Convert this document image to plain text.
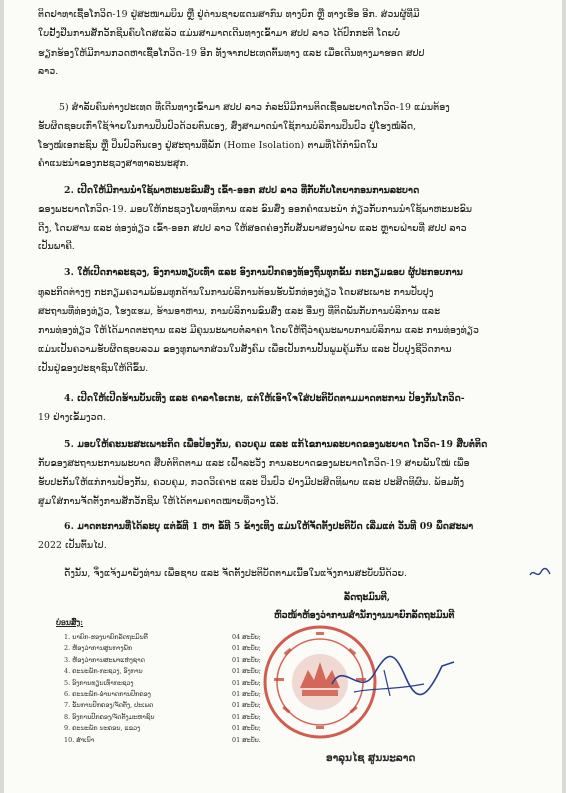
ຕິດຢາທາເຊື້ອໂກວິດ-19 ຢູ່ສະໜາມບິນ ຫຼື ຢູ່ດ່ານຊາຍແດນສາກົນ ທາງບົກ ຫຼື ທາງເຮືອ ອີກ. ສ່ວນຜູ້ທີ່ມີ
ໃບຢັ້ງຢືນການສັກວັກຊີນຄົບໂດສແລ້ວ ແມ່ນສາມາດເດີນທາງເຂົ້າມາ ສປປ ລາວ ໄດ້ປົກກະຕິ ໂດຍບໍ່
ຮຽກຮ້ອງໃຫ້ມີການກວດຫາເຊື້ອໂກວິດ-19 ອີກ ທັງຈາກປະເທດຕົ້ນທາງ ແລະ ເມື່ອເດີນທາງມາຮອດ ສປປ
ລາວ.
5) ສຳລັບຄົນຕ່າງປະເທດ ທີ່ເດີນທາງເຂົ້າມາ ສປປ ລາວ ກໍລະນີມີການຕິດເຊື້ອພະຍາດໂກວິດ-19 ແມ່ນຕ້ອງ
ຮັບຜິດຊອບເກົ່າໃຊ້ຈ່າຍໃນການປິ່ນປົວດ້ວຍຕົນເອງ, ສົ່ງສາມາດນຳໃຊ້ການບໍລິການປິ່ນປົວ ຢູ່ໂຮງໝໍລັດ,
ໂຮງໝໍເອກະຊົນ ຫຼື ປິ່ນປົວຕົນເອງ ຢູ່ສະຖານທີ່ພັກ (Home Isolation) ຕາມທີ່ໄດ້ກຳນົດໃນ
ຄຳແນະນຳຂອງກະຊວງສາທາລະນະສຸກ.
2. ເປີດໃຫ້ມີການນຳໃຊ້ພາຫະນະຂົນສົ່ງ ເຂົ້າ-ອອກ ສປປ ລາວ ທີ່ກັບກັບໂຕຍາກອນການລະບາດ
ຂອງພະຍາດໂກວິດ-19. ມອບໃຫ້ກະຊວງໂຍທາທິການ ແລະ ຂົນສົ່ງ ອອກຄຳແນະນຳ ກ່ຽວກັບການນຳໃຊ້ພາຫະນະຂົນ
ດີງ, ໂດຍສານ ແລະ ທ່ອງທ່ຽວ ເຂົ້າ-ອອກ ສປປ ລາວ ໃຫ້ສອດຄ່ອງກັບສັນຍາສອງຝ່າຍ ແລະ ຫຼາຍຝ່າຍທີ່ ສປປ ລາວ
ເປັນພາຄີ.
3. ໃຫ້ເປີດກາລະຊວງ, ອົງການທຽບເທົ່າ ແລະ ອົງການປົກຄອງທ້ອງຖິ່ນທຸກຂັ້ນ ກະກຽມຂອບ ຜູ້ປະກອບການ
ທຸລະກິດຕ່າງໆ ກະກຽມຄວາມພ້ອມທຸກດ້ານໃນການບໍລິການຕ້ອນຮັບນັກທ່ອງທ່ຽວ ໂດຍສະເພາະ ການປັບປຸງ
ສະຖານທີ່ທ່ອງທ່ຽວ, ໂຮງແຮມ, ຮ້ານອາຫານ, ການບໍລິການຂົນສົ່ງ ແລະ ອື່ນໆ ທີ່ຕິດພັນກັບການບໍລິການ ແລະ
ການທ່ອງທ່ຽວ ໃຫ້ໄດ້ມາດຕະຖານ ແລະ ມີຄຸນນະພາບຕໍ່ລາຄາ ໂດຍໃຫ້ຖືວ່າຄຸນະພາບການບໍລິການ ແລະ ການທ່ອງທ່ຽວ
ແມ່ນເປັນຄວາມຮັບຜິດຊອບລວມ ຂອງທຸກພາກສ່ວນໃນສັງຄົມ ເພື່ອເປັນການປັ້ນພູມຄຸ້ມກັນ ແລະ ປັບປຸງຊີວິດການ
ເປັນຢູ່ຂອງປະຊາຊົນໃຫ້ດີຂຶ້ນ.
4. ເປີດໃຫ້ເປີດຮ້ານບັນເທີງ ແລະ ຄາລາໂອເກະ, ແຕ່ໃຫ້ເອົາໃຈໃສ່ປະຕິບັດຕາມມາດຕະການ ປ້ອງກັນໂກວິດ-
19 ຢ່າງເຂັ້ມງວດ.
5. ມອບໃຫ້ຄະນະສະເພາະກິດ ເພື່ອປ້ອງກັນ, ຄວບຄຸມ ແລະ ແກ້ໄຂການລະບາດຂອງພະຍາດ ໂກວິດ-19 ສືບຕໍ່ຕິດ
ກັບຂອງສະຖານະການພະບາດ ສືບຕໍ່ຕິດຕາມ ແລະ ເຝົ້າລະວັງ ການລະບາດຂອງພະຍາດໂກວິດ-19 ສາຍພັນໃໝ່ ເພື່ອ
ຮັບປະກັນໃຫ້ແກ່ການປ້ອງກັນ, ຄວບຄຸມ, ກວດວິເຄາະ ແລະ ປິ່ນປົວ ຢ່າງມີປະສິດທິພາບ ແລະ ປະສິດທິຜົນ. ພ້ອມທັງ
ສູມໃສ່ການຈັດຕັ້ງການສັກວັກຊີນ ໃຫ້ໄດ້ຕາມຄາດໝາຍທີ່ວາງໄວ້.
6. ມາດຕະການທີ່ໄດ້ລະບຸ ແຕ່ຂໍ້ທີ 1 ຫາ ຂໍ້ທີ 5 ຂ້າງເທິງ ແມ່ນໃຫ້ຈັດຕັ້ງປະຕິບັດ ເລີ່ມແຕ່ ວັນທີ 09 ພຶດສະພາ
2022 ເປັນຕົ້ນໄປ.
ດັ່ງນັ້ນ, ຈຶ່ງແຈ້ງມາຍັງທ່ານ ເພື່ອຊາບ ແລະ ຈັດຕັ້ງປະຕິບັດຕາມເນື້ອໃນແຈ້ງການສະບັບນີ້ດ້ວຍ.
ລັດຖະມົນຕີ,
ຫົວໜ້າຫ້ອງວ່າການສຳນັກງານນາຍົກລັດຖະມົນຕີ
ອາລຸນໄຊ ສູນນະລາດ
ບ່ອນສົ່ງ:
1. ນາຍົກ-ຮອງນາຍົກລັດຖະມົນຕີ	04 ສະບັບ;
2. ຫ້ອງວ່າການສູນກາງພັກ	01 ສະບັບ;
3. ຫ້ອງວ່າການສະພາແຫ່ງຊາດ	01 ສະບັບ;
4. ຄະນະພັກ-ກະຊວງ, ອົງການ	01 ສະບັບ;
5. ອົງການທຽບເທົ່າກະຊວງ	01 ສະບັບ;
6. ຄະນະພັກ-ອຳນາດການປົກຄອງ	01 ສະບັບ;
7. ຂັ້ນການປົກຄອງ/ຈັດຕັ້ງ, ປະເພດ	01 ສະບັບ;
8. ອົງການປົກຄອງ/ຈັດຕັ້ງມະຫາຊົນ	01 ສະບັບ;
9. ຄະນະພັກ ນະຄອນ, ແຂວງ	01 ສະບັບ;
10. ສຳເນົາ	01 ສະບັບ.
